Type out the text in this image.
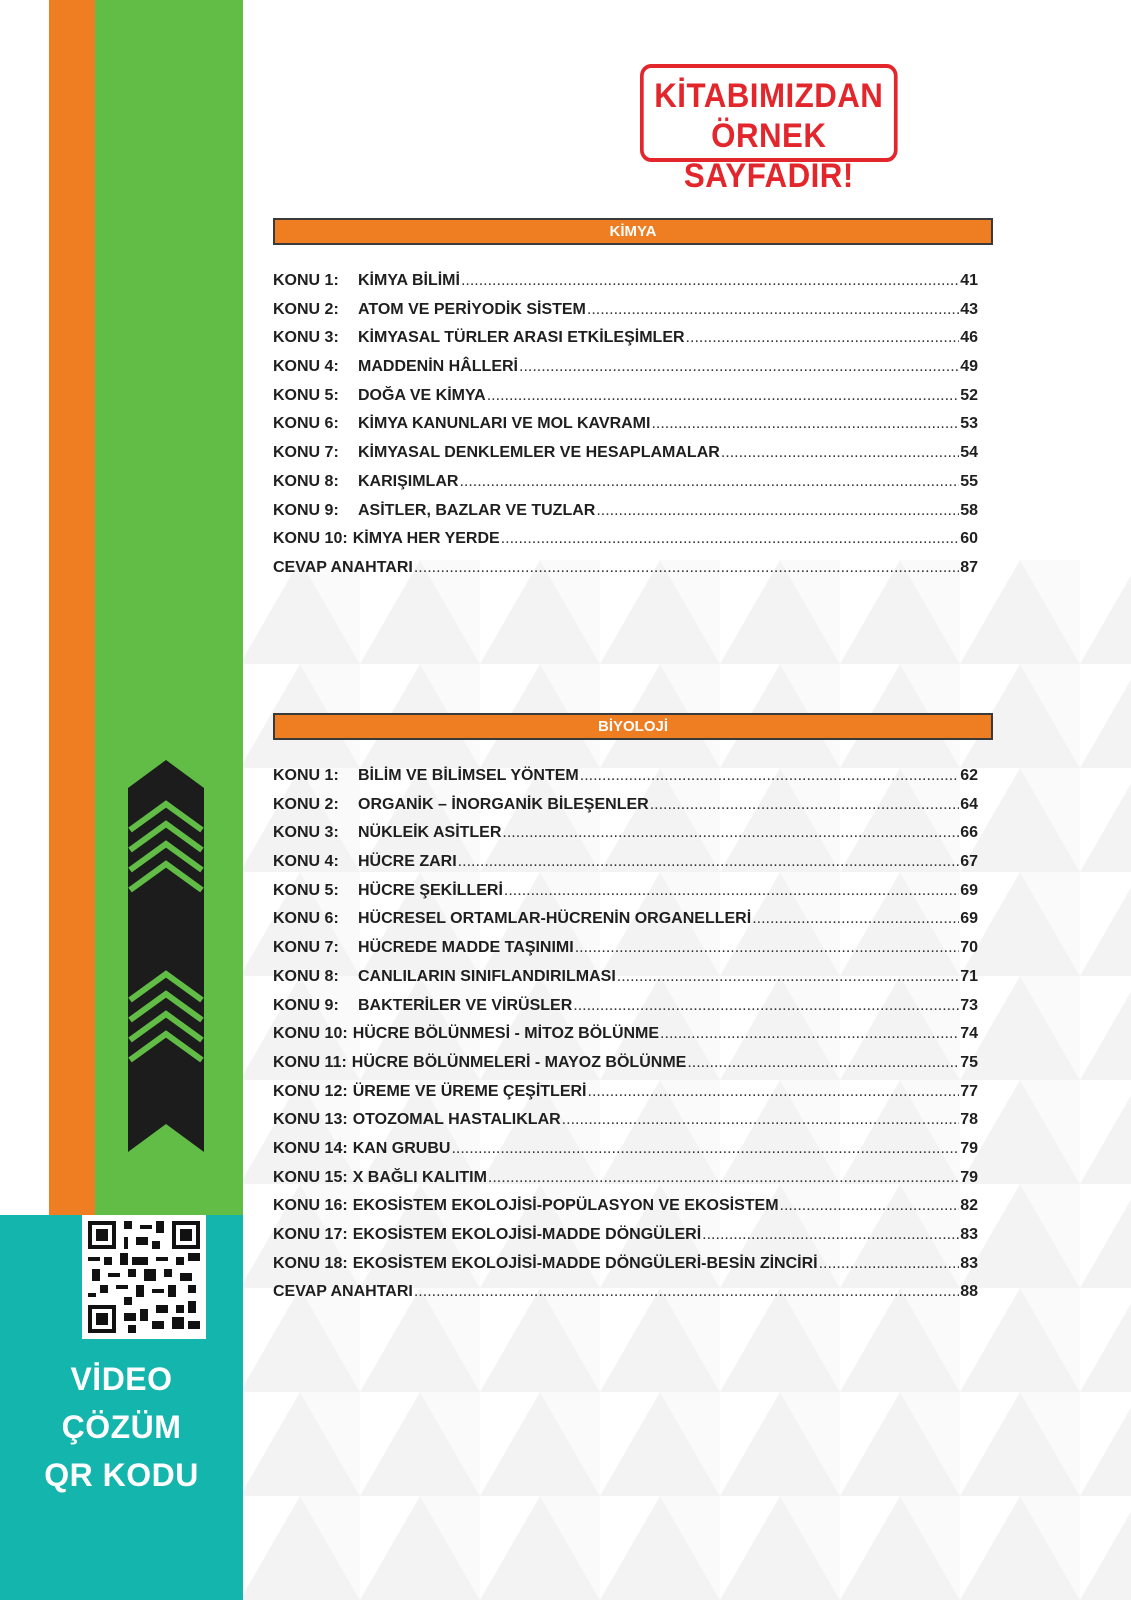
VİDEO
ÇÖZÜM
QR KODU
KİTABIMIZDAN
ÖRNEK SAYFADIR!
KİMYA
KONU 1:	KİMYA BİLİMİ .....	41
KONU 2:	ATOM VE PERİYODİK SİSTEM .....	43
KONU 3:	KİMYASAL TÜRLER ARASI ETKİLEŞİMLER .....	46
KONU 4:	MADDENİN HÂLLERİ .....	49
KONU 5:	DOĞA VE KİMYA .....	52
KONU 6:	KİMYA KANUNLARI VE MOL KAVRAMI .....	53
KONU 7:	KİMYASAL DENKLEMLER VE HESAPLAMALAR .....	54
KONU 8:	KARIŞIMLAR .....	55
KONU 9:	ASİTLER, BAZLAR VE TUZLAR .....	58
KONU 10: KİMYA HER YERDE .....	60
CEVAP ANAHTARI .....	87
BİYOLOJİ
KONU 1:	BİLİM VE BİLİMSEL YÖNTEM .....	62
KONU 2:	ORGANİK – İNORGANİK BİLEŞENLER .....	64
KONU 3:	NÜKLEİK ASİTLER .....	66
KONU 4:	HÜCRE ZARI .....	67
KONU 5:	HÜCRE ŞEKİLLERİ .....	69
KONU 6:	HÜCRESEL ORTAMLAR-HÜCRENİN ORGANELLERİ .....	69
KONU 7:	HÜCREDE MADDE TAŞINIMI .....	70
KONU 8:	CANLILARIN SINIFLANDIRILMASI .....	71
KONU 9:	BAKTERİLER VE VİRÜSLER .....	73
KONU 10: HÜCRE BÖLÜNMESİ - MİTOZ BÖLÜNME .....	74
KONU 11: HÜCRE BÖLÜNMELERİ - MAYOZ BÖLÜNME .....	75
KONU 12: ÜREME VE ÜREME ÇEŞİTLERİ .....	77
KONU 13: OTOZOMAL HASTALIKLAR .....	78
KONU 14: KAN GRUBU .....	79
KONU 15: X BAĞLI KALITIM .....	79
KONU 16: EKOSİSTEM EKOLOJİSİ-POPÜLASYON VE EKOSİSTEM .....	82
KONU 17: EKOSİSTEM EKOLOJİSİ-MADDE DÖNGÜLERİ .....	83
KONU 18: EKOSİSTEM EKOLOJİSİ-MADDE DÖNGÜLERİ-BESİN ZİNCİRİ .....	83
CEVAP ANAHTARI .....	88
